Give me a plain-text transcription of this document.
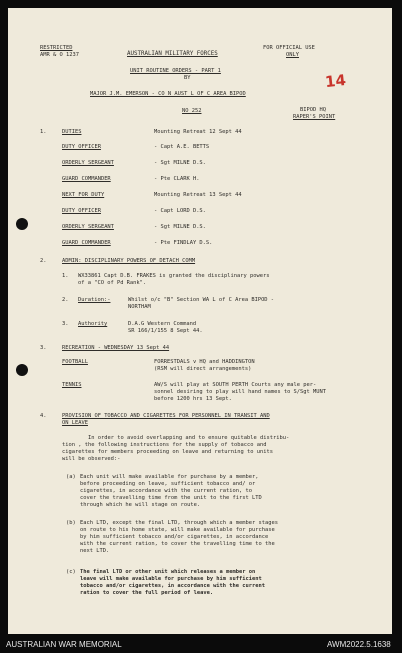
RESTRICTED
AMR & O 1237	AUSTRALIAN MILITARY FORCES
FOR OFFICIAL USE
ONLY
14
UNIT ROUTINE ORDERS - PART 1
BY
MAJOR J.M. EMERSON - CO N AUST L OF C AREA BIPOD
NO 252	BIPOD HQ
RAPER'S POINT
1.	DUTIES	Mounting Retreat 12 Sept 44
DUTY OFFICER	- Capt A.E. BETTS
ORDERLY SERGEANT	- Sgt MILNE D.S.
GUARD COMMANDER	- Pte CLARK H.
NEXT FOR DUTY	Mounting Retreat 13 Sept 44
DUTY OFFICER	- Capt LORD D.S.
ORDERLY SERGEANT	- Sgt MILNE D.S.
GUARD COMMANDER	- Pte FINDLAY D.S.
2.	ADMIN: DISCIPLINARY POWERS OF DETACH COMM
1. WX33861 Capt D.B. FRAKES is granted the disciplinary powers
of a "CO of Pd Rank".
2. Duration:-	Whilst o/c "B" Section WA L of C Area BIPOD -
NORTHAM
3. Authority	D.A.G Western Command
SR 166/1/155 8 Sept 44.
3.	RECREATION - WEDNESDAY 13 Sept 44
FOOTBALL	FORRESTDALS v HQ and HADDINGTON
(RSM will direct arrangements)
TENNIS	AW/S will play at SOUTH PERTH Courts any male per-
sonnel desiring to play will hand names to S/Sgt MUNT
before 1200 hrs 13 Sept.
4.	PROVISION OF TOBACCO AND CIGARETTES FOR PERSONNEL IN TRANSIT AND
ON LEAVE
In order to avoid overlapping and to ensure quitable distribu-
tion , the following instructions for the supply of tobacco and
cigarettes for members proceeding on leave and returning to units
will be observed:-
(a) Each unit will make available for purchase by a member,
before proceeding on leave, sufficient tobacco and/ or
cigarettes, in accordance with the current ration, to
cover the travelling time from the unit to the first LTD
through which he will stage on route.
(b) Each LTD, except the final LTD, through which a member stages
on route to his home state, will make available for purchase
by him sufficient tobacco and/or cigarettes, in accordance
with the current ration, to cover the travelling time to the
next LTD.
(c) The final LTD or other unit which releases a member on
leave will make available for purchase by him sufficient
tobacco and/or cigarettes, in accordance with the current
ration to cover the full period of leave.
AUSTRALIAN WAR MEMORIAL	AWM2022.5.1638
